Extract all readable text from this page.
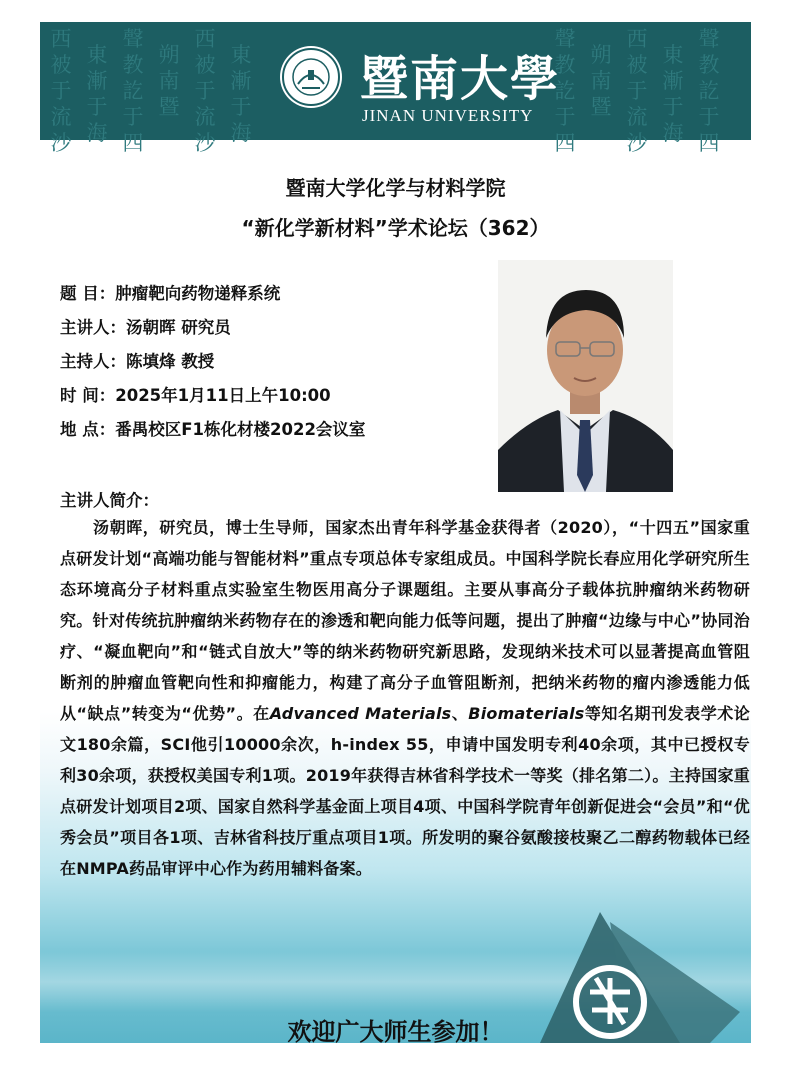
西
被
于
流
沙
東
漸
于
海
聲
教
訖
于
四
朔
南
暨
西
被
于
流
沙
東
漸
于
海
聲
教
訖
于
四
朔
南
暨
西
被
于
流
沙
東
漸
于
海
聲
教
訖
于
四
暨南大學
JINAN UNIVERSITY
暨南大学化学与材料学院
“新化学新材料”学术论坛（362）
题 目：肿瘤靶向药物递释系统
主讲人：汤朝晖 研究员
主持人：陈填烽 教授
时 间：2025年1月11日上午10:00
地 点：番禺校区F1栋化材楼2022会议室
主讲人简介：
汤朝晖，研究员，博士生导师，国家杰出青年科学基金获得者（2020），“十四五”国家重点研发计划“高端功能与智能材料”重点专项总体专家组成员。中国科学院长春应用化学研究所生态环境高分子材料重点实验室生物医用高分子课题组。主要从事高分子载体抗肿瘤纳米药物研究。针对传统抗肿瘤纳米药物存在的渗透和靶向能力低等问题，提出了肿瘤“边缘与中心”协同治疗、“凝血靶向”和“链式自放大”等的纳米药物研究新思路，发现纳米技术可以显著提高血管阻断剂的肿瘤血管靶向性和抑瘤能力，构建了高分子血管阻断剂，把纳米药物的瘤内渗透能力低从“缺点”转变为“优势”。在Advanced Materials、Biomaterials等知名期刊发表学术论文180余篇，SCI他引10000余次，h-index 55，申请中国发明专利40余项，其中已授权专利30余项，获授权美国专利1项。2019年获得吉林省科学技术一等奖（排名第二）。主持国家重点研发计划项目2项、国家自然科学基金面上项目4项、中国科学院青年创新促进会“会员”和“优秀会员”项目各1项、吉林省科技厅重点项目1项。所发明的聚谷氨酸接枝聚乙二醇药物载体已经在NMPA药品审评中心作为药用辅料备案。
欢迎广大师生参加！
